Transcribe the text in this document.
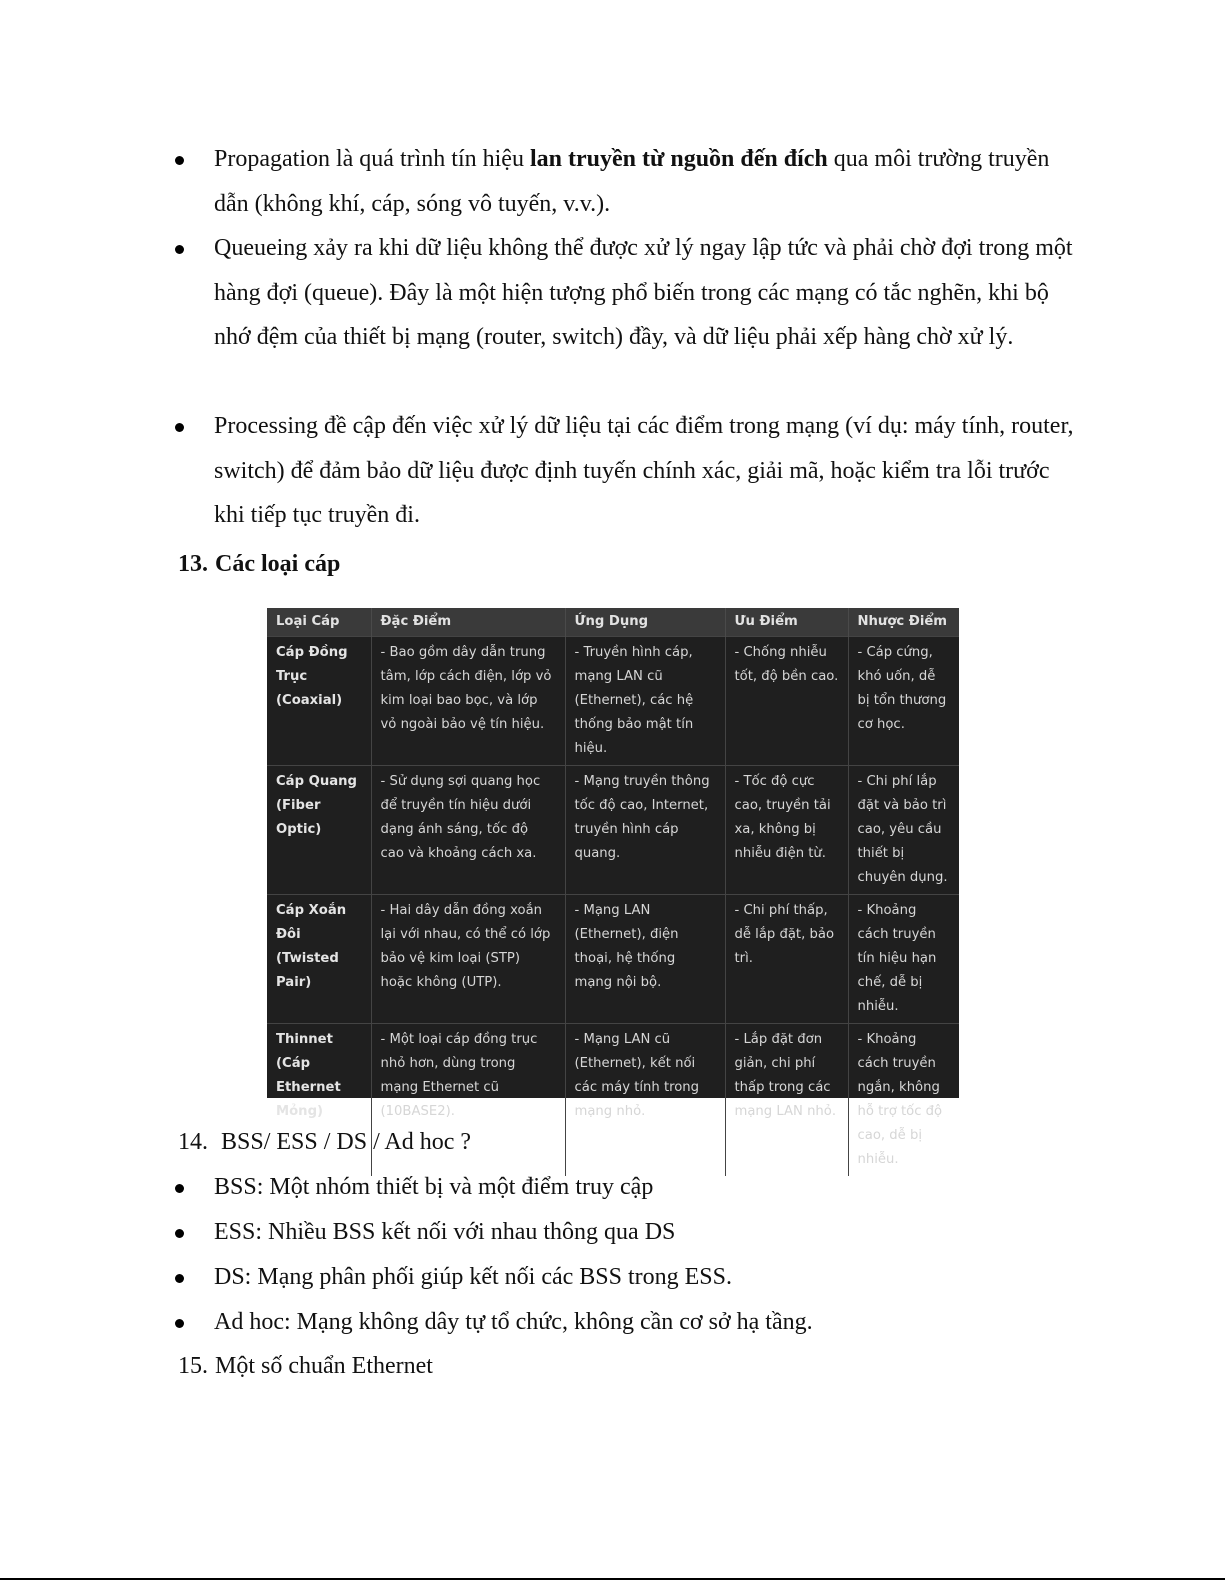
Propagation là quá trình tín hiệu lan truyền từ nguồn đến đích qua môi trường truyền dẫn (không khí, cáp, sóng vô tuyến, v.v.).
Queueing xảy ra khi dữ liệu không thể được xử lý ngay lập tức và phải chờ đợi trong một hàng đợi (queue). Đây là một hiện tượng phổ biến trong các mạng có tắc nghẽn, khi bộ nhớ đệm của thiết bị mạng (router, switch) đầy, và dữ liệu phải xếp hàng chờ xử lý.
Processing đề cập đến việc xử lý dữ liệu tại các điểm trong mạng (ví dụ: máy tính, router, switch) để đảm bảo dữ liệu được định tuyến chính xác, giải mã, hoặc kiểm tra lỗi trước khi tiếp tục truyền đi.
13. Các loại cáp
Loại Cáp	Đặc Điểm	Ứng Dụng	Ưu Điểm	Nhược Điểm
Cáp Đồng Trục (Coaxial)	- Bao gồm dây dẫn trung tâm, lớp cách điện, lớp vỏ kim loại bao bọc, và lớp vỏ ngoài bảo vệ tín hiệu.	- Truyền hình cáp, mạng LAN cũ (Ethernet), các hệ thống bảo mật tín hiệu.	- Chống nhiễu tốt, độ bền cao.	- Cáp cứng, khó uốn, dễ bị tổn thương cơ học.
Cáp Quang (Fiber Optic)	- Sử dụng sợi quang học để truyền tín hiệu dưới dạng ánh sáng, tốc độ cao và khoảng cách xa.	- Mạng truyền thông tốc độ cao, Internet, truyền hình cáp quang.	- Tốc độ cực cao, truyền tải xa, không bị nhiễu điện từ.	- Chi phí lắp đặt và bảo trì cao, yêu cầu thiết bị chuyên dụng.
Cáp Xoắn Đôi (Twisted Pair)	- Hai dây dẫn đồng xoắn lại với nhau, có thể có lớp bảo vệ kim loại (STP) hoặc không (UTP).	- Mạng LAN (Ethernet), điện thoại, hệ thống mạng nội bộ.	- Chi phí thấp, dễ lắp đặt, bảo trì.	- Khoảng cách truyền tín hiệu hạn chế, dễ bị nhiễu.
Thinnet (Cáp Ethernet Mỏng)	- Một loại cáp đồng trục nhỏ hơn, dùng trong mạng Ethernet cũ (10BASE2).	- Mạng LAN cũ (Ethernet), kết nối các máy tính trong mạng nhỏ.	- Lắp đặt đơn giản, chi phí thấp trong các mạng LAN nhỏ.	- Khoảng cách truyền ngắn, không hỗ trợ tốc độ cao, dễ bị nhiễu.
14. BSS/ ESS / DS / Ad hoc ?
BSS: Một nhóm thiết bị và một điểm truy cập
ESS: Nhiều BSS kết nối với nhau thông qua DS
DS: Mạng phân phối giúp kết nối các BSS trong ESS.
Ad hoc: Mạng không dây tự tổ chức, không cần cơ sở hạ tầng.
15. Một số chuẩn Ethernet
